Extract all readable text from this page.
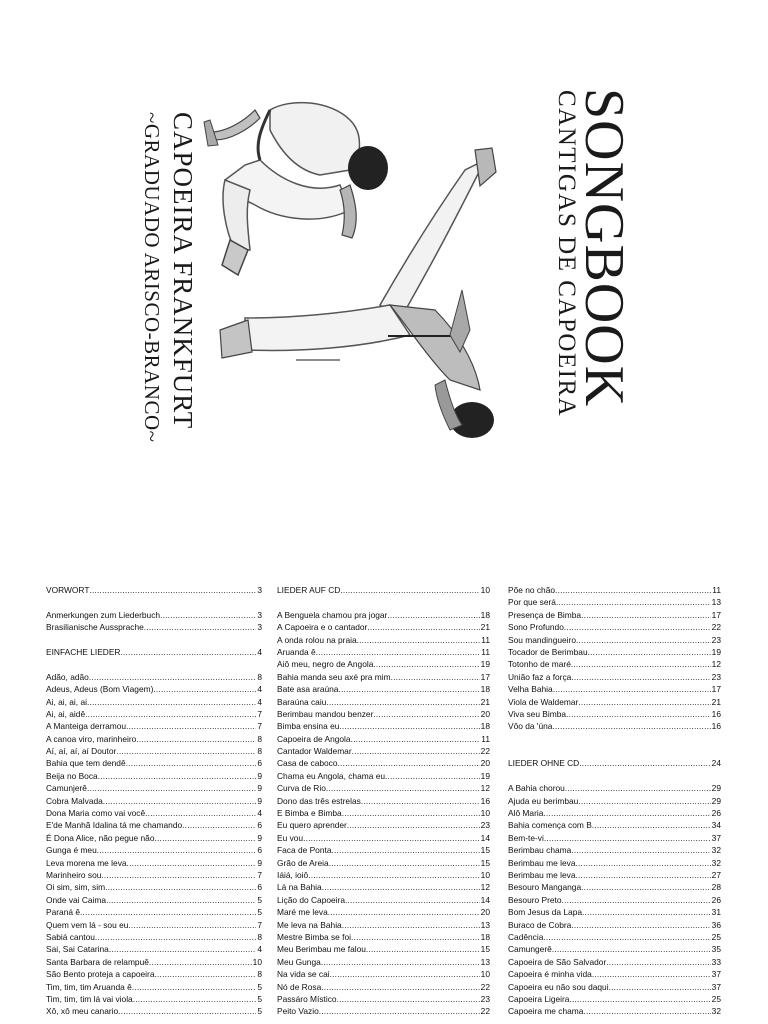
SONGBOOK
CANTIGAS DE CAPOEIRA
CAPOEIRA FRANKFURT
~GRADUADO ARISCO-BRANCO~
VORWORT .....	3
Anmerkungen zum Liederbuch .....	3
Brasilianische Aussprache .....	3
EINFACHE LIEDER .....	4
Adão, adão .....	8
Adeus, Adeus (Bom Viagem) .....	4
Ai, ai, ai, ai .....	4
Ai, ai, aidê .....	7
A Manteiga derramou .....	7
A canoa viro, marinheiro .....	8
Aí, aí, aí, aí Doutor .....	8
Bahia que tem dendê .....	6
Beija no Boca .....	9
Camunjerê .....	9
Cobra Malvada .....	9
Dona Maria como vai você .....	4
E'de Manhã Idalina tá me chamando .....	6
É Dona Alice, não pegue não .....	9
Gunga é meu .....	6
Leva morena me leva .....	9
Marinheiro sou .....	7
Oi sim, sim, sim .....	6
Onde vai Caima .....	5
Paraná ê .....	5
Quem vem lá - sou eu .....	7
Sabiá cantou .....	8
Sai, Sai Catarina .....	4
Santa Barbara de relampuê .....	10
São Bento proteja a capoeira .....	8
Tim, tim, tim Aruanda ê .....	5
Tim, tim, tim lá vai viola .....	5
Xô, xô meu canario .....	5
LIEDER AUF CD .....	10
A Benguela chamou pra jogar .....	18
A Capoeira e o cantador .....	21
A onda rolou na praia .....	11
Aruanda ê .....	11
Aiô meu, negro de Angola .....	19
Bahia manda seu axé pra mim .....	17
Bate asa araúna .....	18
Baraúna caiu .....	21
Berimbau mandou benzer .....	20
Bimba ensina eu .....	18
Capoeira de Angola .....	11
Cantador Waldemar .....	22
Casa de caboco .....	20
Chama eu Angola, chama eu .....	19
Curva de Rio .....	12
Dono das três estrelas .....	16
E Bimba e Bimba .....	10
Eu quero aprender .....	23
Eu vou .....	14
Faca de Ponta .....	15
Grão de Areia .....	15
Iáiá, ioiô .....	10
Lá na Bahia .....	12
Lição do Capoeira .....	14
Maré me leva .....	20
Me leva na Bahia .....	13
Mestre Bimba se foi .....	18
Meu Berimbau me falou .....	15
Meu Gunga .....	13
Na vida se cai .....	10
Nó de Rosa .....	22
Passáro Místico .....	23
Peito Vazio .....	22
Põe no chão .....	11
Por que será .....	13
Presença de Bimba .....	17
Sono Profundo .....	22
Sou mandingueiro .....	23
Tocador de Berimbau .....	19
Totonho de maré .....	12
União faz a força .....	23
Velha Bahia .....	17
Viola de Waldemar .....	21
Viva seu Bimba .....	16
Vôo da 'úna .....	16
LIEDER OHNE CD .....	24
A Bahia chorou .....	29
Ajuda eu berimbau .....	29
Alô Maria .....	26
Bahia començа com B .....	34
Bem-te-vi .....	37
Berimbau chama .....	32
Berimbau me leva .....	32
Berimbau me leva .....	27
Besouro Manganga .....	28
Besouro Preto .....	26
Bom Jesus da Lapa .....	31
Buraco de Cobra .....	36
Cadência .....	25
Camungerê .....	35
Capoeira de São Salvador .....	33
Capoeira é minha vida .....	37
Capoeira eu não sou daqui .....	37
Capoeira Ligeira .....	25
Capoeira me chama .....	32
